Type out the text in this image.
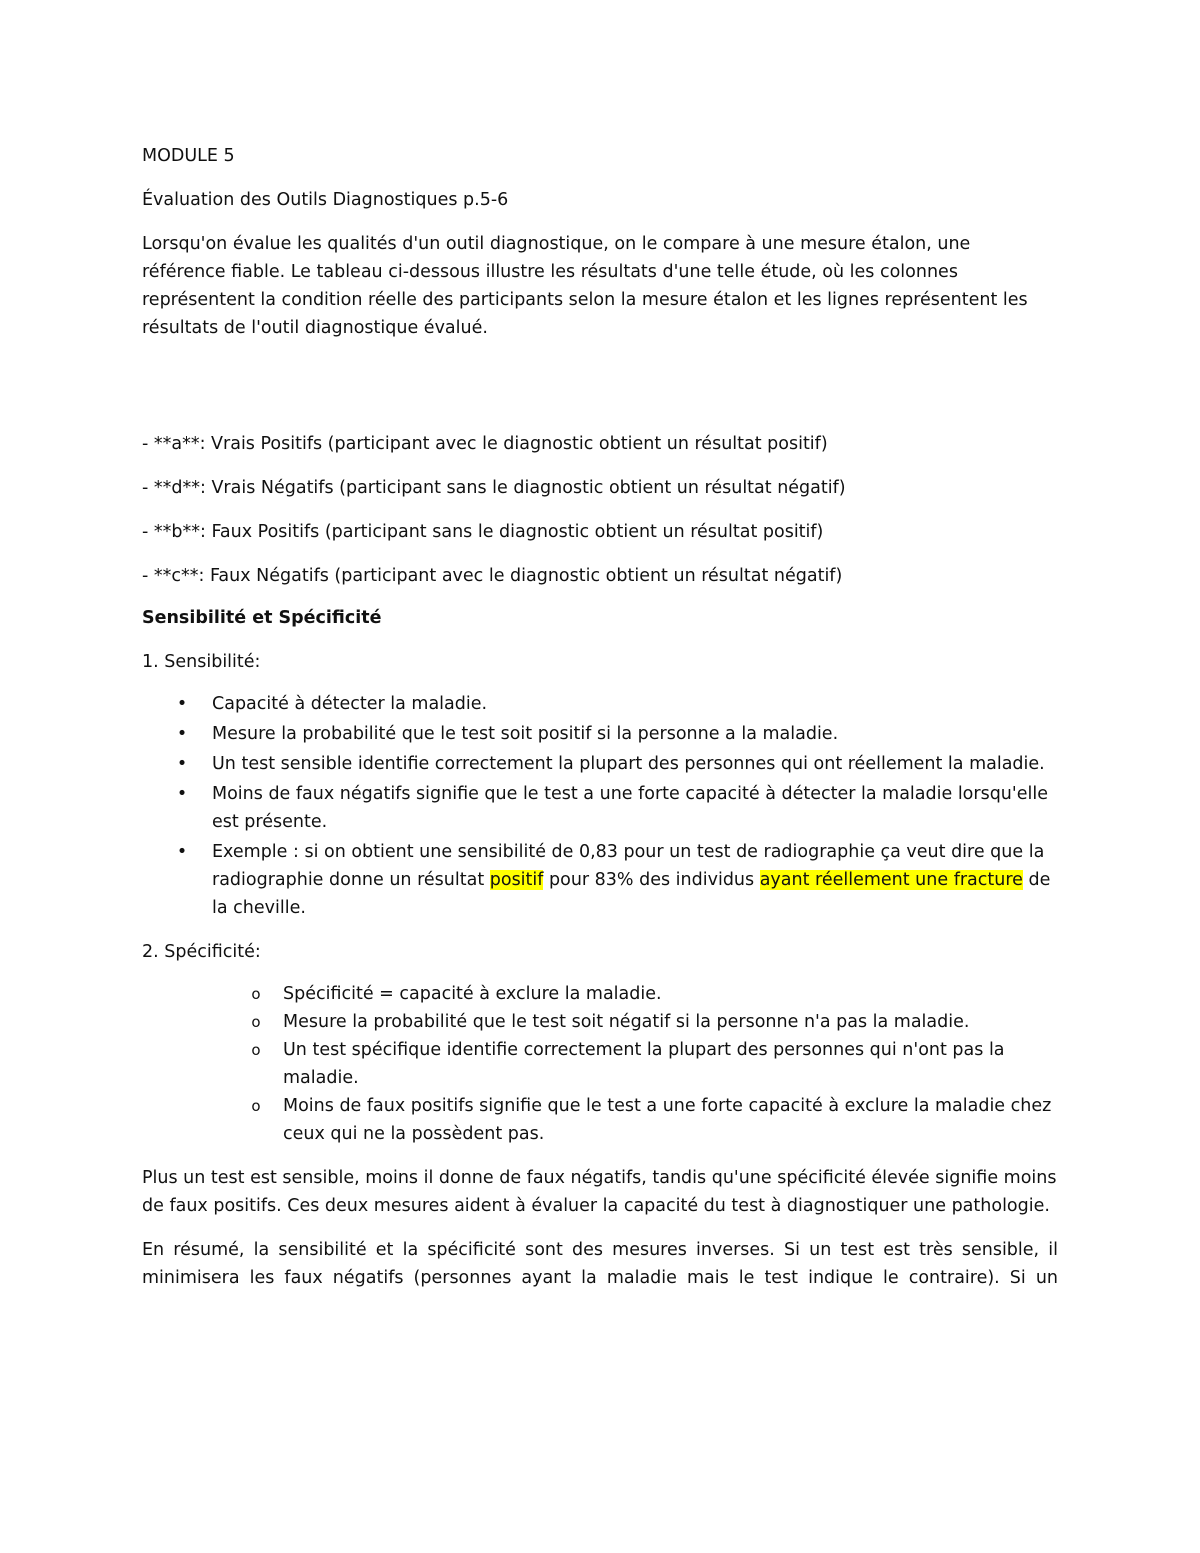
MODULE 5

Évaluation des Outils Diagnostiques p.5-6

Lorsqu'on évalue les qualités d'un outil diagnostique, on le compare à une mesure étalon, une référence fiable. Le tableau ci-dessous illustre les résultats d'une telle étude, où les colonnes représentent la condition réelle des participants selon la mesure étalon et les lignes représentent les résultats de l'outil diagnostique évalué.

- **a**: Vrais Positifs (participant avec le diagnostic obtient un résultat positif)

- **d**: Vrais Négatifs (participant sans le diagnostic obtient un résultat négatif)

- **b**: Faux Positifs (participant sans le diagnostic obtient un résultat positif)

- **c**: Faux Négatifs (participant avec le diagnostic obtient un résultat négatif)

Sensibilité et Spécificité

1. Sensibilité:

• Capacité à détecter la maladie.
• Mesure la probabilité que le test soit positif si la personne a la maladie.
• Un test sensible identifie correctement la plupart des personnes qui ont réellement la maladie.
• Moins de faux négatifs signifie que le test a une forte capacité à détecter la maladie lorsqu'elle est présente.
• Exemple : si on obtient une sensibilité de 0,83 pour un test de radiographie ça veut dire que la radiographie donne un résultat positif pour 83% des individus ayant réellement une fracture de la cheville.

2. Spécificité:

o	Spécificité = capacité à exclure la maladie.
o	Mesure la probabilité que le test soit négatif si la personne n'a pas la maladie.
o	Un test spécifique identifie correctement la plupart des personnes qui n'ont pas la maladie.
o	Moins de faux positifs signifie que le test a une forte capacité à exclure la maladie chez ceux qui ne la possèdent pas.

Plus un test est sensible, moins il donne de faux négatifs, tandis qu'une spécificité élevée signifie moins de faux positifs. Ces deux mesures aident à évaluer la capacité du test à diagnostiquer une pathologie.

En résumé, la sensibilité et la spécificité sont des mesures inverses. Si un test est très sensible, il

minimisera les faux négatifs (personnes ayant la maladie mais le test indique le contraire). Si un
